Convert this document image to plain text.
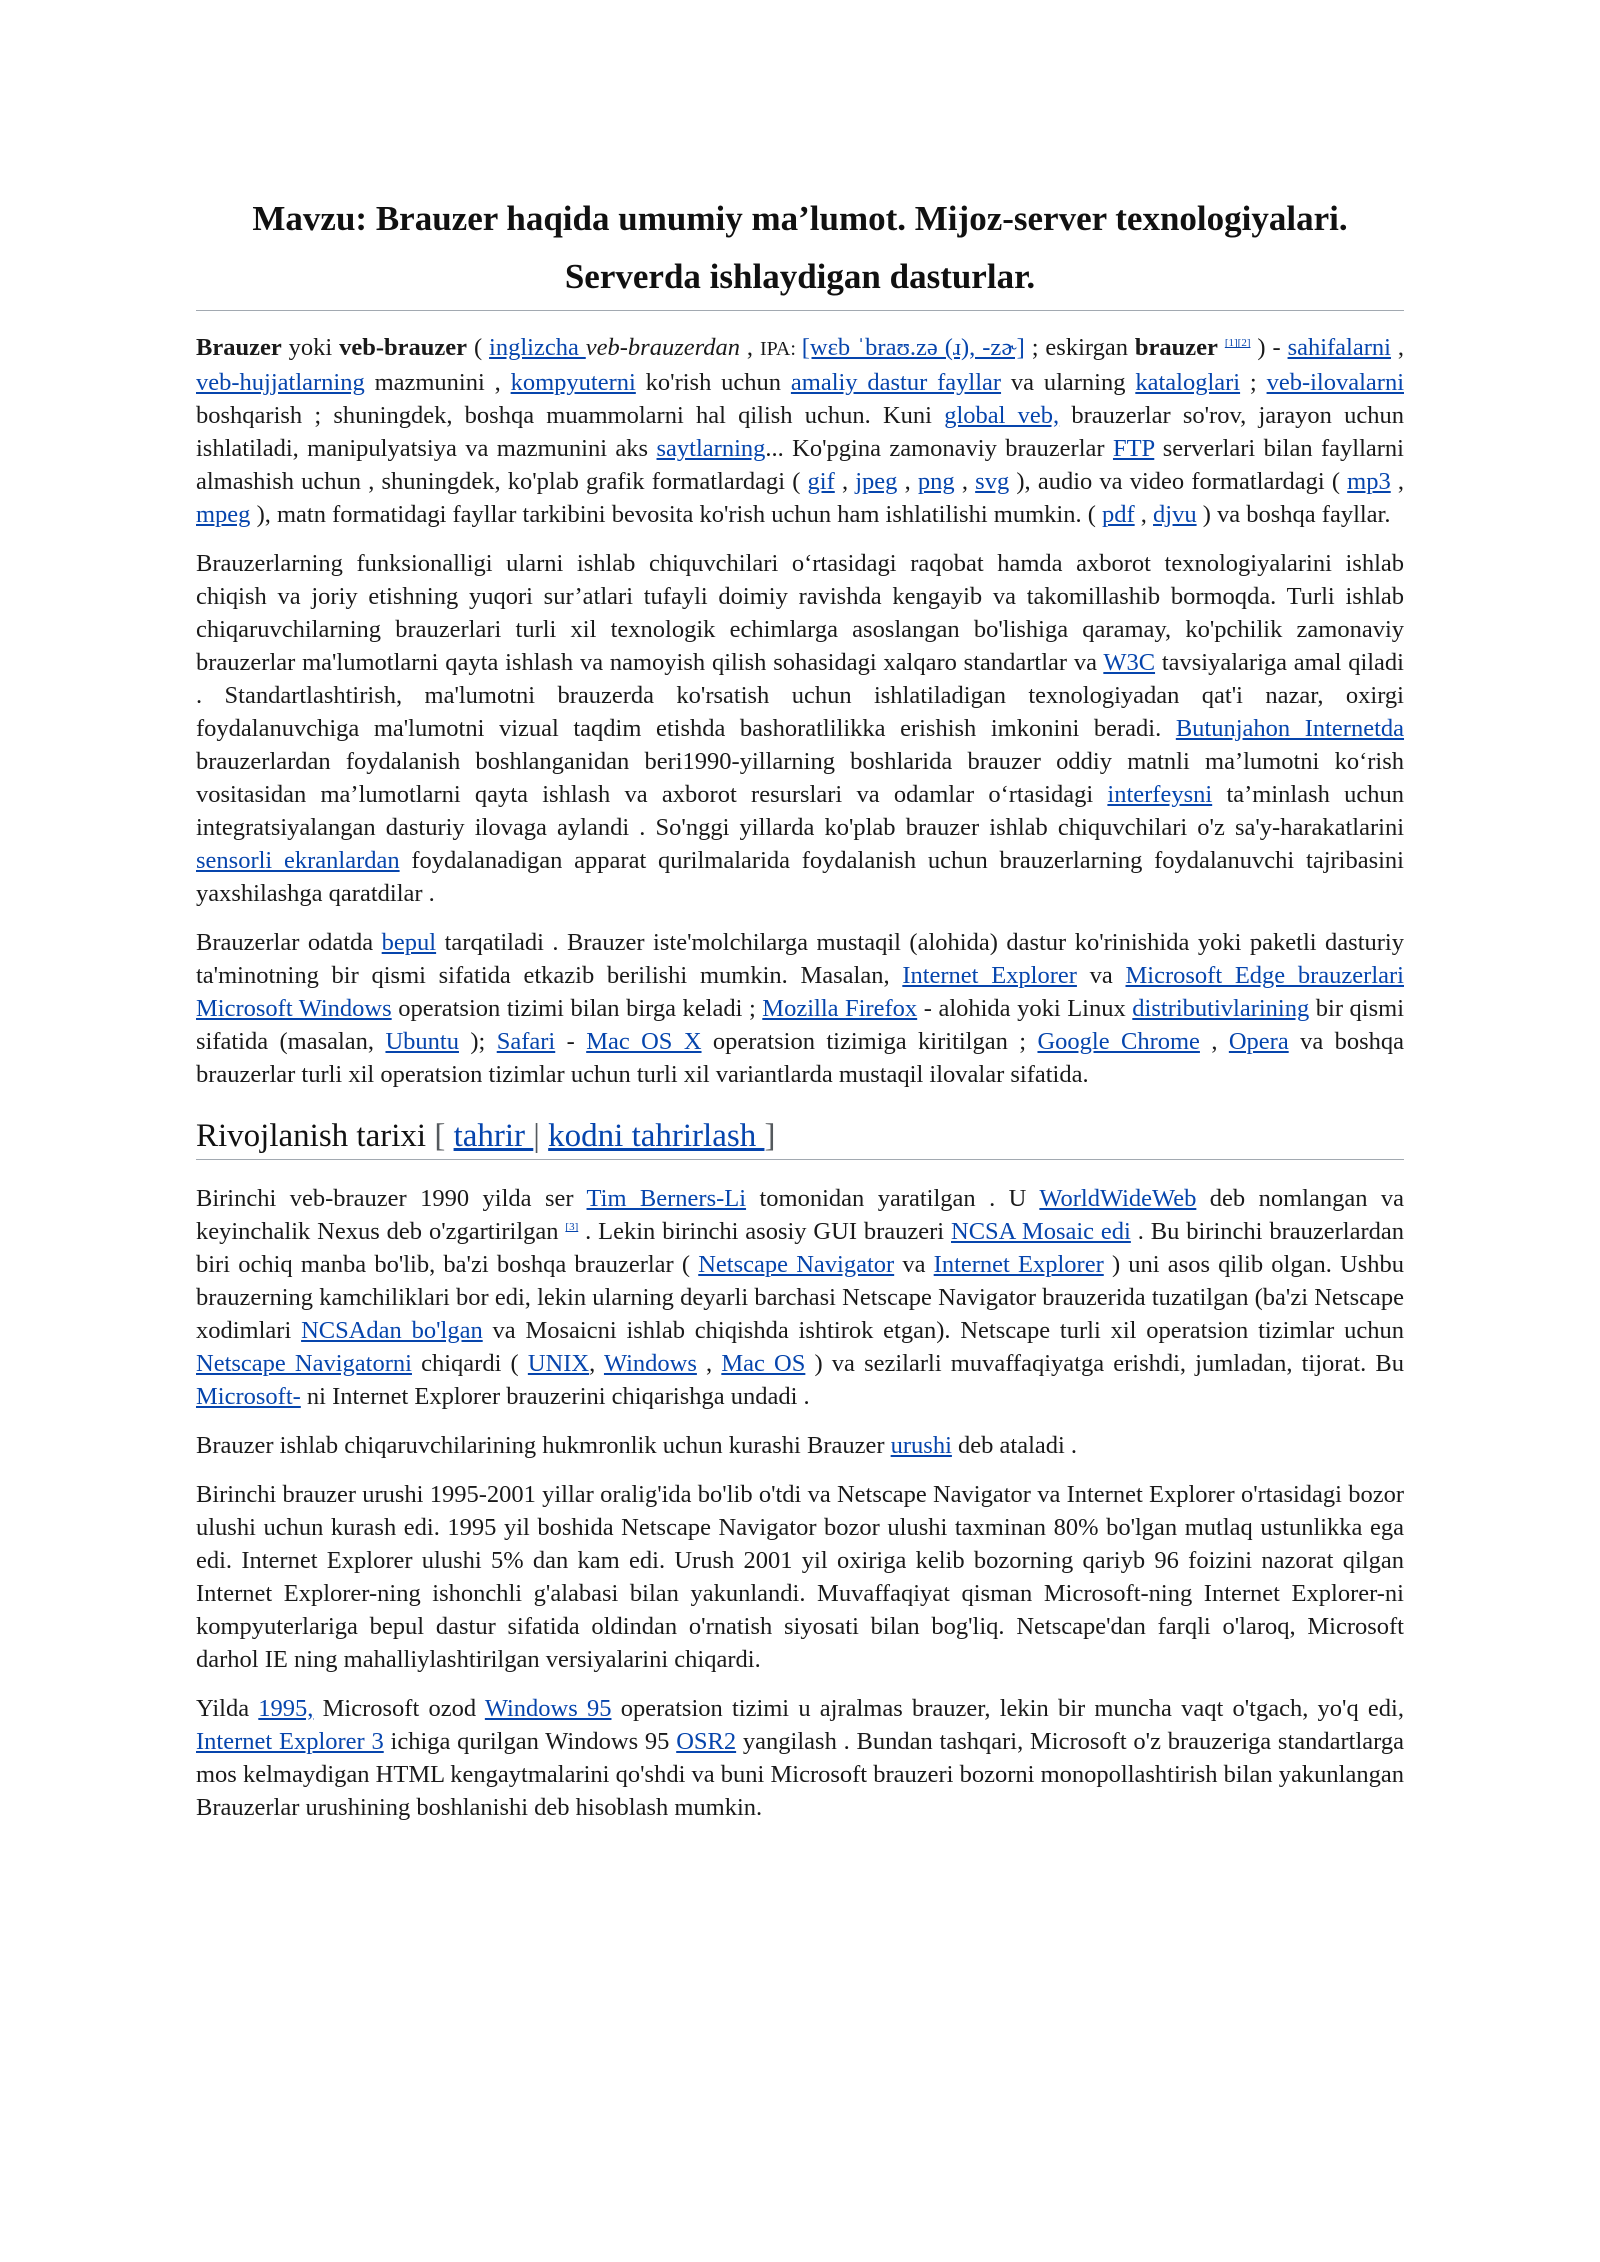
Mavzu: Brauzer haqida umumiy ma’lumot. Mijoz-server texnologiyalari.
Serverda ishlaydigan dasturlar.

Brauzer yoki veb-brauzer ( inglizcha veb-brauzerdan , IPA: [wɛb ˈbraʊ.zə (ɹ), -zɚ] ; eskirgan brauzer [1][2] ) - sahifalarni , veb-hujjatlarning mazmunini , kompyuterni ko'rish uchun amaliy dastur fayllar va ularning kataloglari ; veb-ilovalarni boshqarish ; shuningdek, boshqa muammolarni hal qilish uchun. Kuni global veb, brauzerlar so'rov, jarayon uchun ishlatiladi, manipulyatsiya va mazmunini aks saytlarning... Ko'pgina zamonaviy brauzerlar FTP serverlari bilan fayllarni almashish uchun , shuningdek, ko'plab grafik formatlardagi ( gif , jpeg , png , svg ), audio va video formatlardagi ( mp3 , mpeg ), matn formatidagi fayllar tarkibini bevosita ko'rish uchun ham ishlatilishi mumkin. ( pdf , djvu ) va boshqa fayllar.

Brauzerlarning funksionalligi ularni ishlab chiquvchilari o‘rtasidagi raqobat hamda axborot texnologiyalarini ishlab chiqish va joriy etishning yuqori sur’atlari tufayli doimiy ravishda kengayib va takomillashib bormoqda. Turli ishlab chiqaruvchilarning brauzerlari turli xil texnologik echimlarga asoslangan bo'lishiga qaramay, ko'pchilik zamonaviy brauzerlar ma'lumotlarni qayta ishlash va namoyish qilish sohasidagi xalqaro standartlar va W3C tavsiyalariga amal qiladi . Standartlashtirish, ma'lumotni brauzerda ko'rsatish uchun ishlatiladigan texnologiyadan qat'i nazar, oxirgi foydalanuvchiga ma'lumotni vizual taqdim etishda bashoratlilikka erishish imkonini beradi. Butunjahon Internetda brauzerlardan foydalanish boshlanganidan beri1990-yillarning boshlarida brauzer oddiy matnli ma’lumotni ko‘rish vositasidan ma’lumotlarni qayta ishlash va axborot resurslari va odamlar o‘rtasidagi interfeysni ta’minlash uchun integratsiyalangan dasturiy ilovaga aylandi . So'nggi yillarda ko'plab brauzer ishlab chiquvchilari o'z sa'y-harakatlarini sensorli ekranlardan foydalanadigan apparat qurilmalarida foydalanish uchun brauzerlarning foydalanuvchi tajribasini yaxshilashga qaratdilar .

Brauzerlar odatda bepul tarqatiladi . Brauzer iste'molchilarga mustaqil (alohida) dastur ko'rinishida yoki paketli dasturiy ta'minotning bir qismi sifatida etkazib berilishi mumkin. Masalan, Internet Explorer va Microsoft Edge brauzerlari Microsoft Windows operatsion tizimi bilan birga keladi ; Mozilla Firefox - alohida yoki Linux distributivlarining bir qismi sifatida (masalan, Ubuntu ); Safari - Mac OS X operatsion tizimiga kiritilgan ; Google Chrome , Opera va boshqa brauzerlar turli xil operatsion tizimlar uchun turli xil variantlarda mustaqil ilovalar sifatida.

Rivojlanish tarixi [ tahrir | kodni tahrirlash ]

Birinchi veb-brauzer 1990 yilda ser Tim Berners-Li tomonidan yaratilgan . U WorldWideWeb deb nomlangan va keyinchalik Nexus deb o'zgartirilgan [3] . Lekin birinchi asosiy GUI brauzeri NCSA Mosaic edi . Bu birinchi brauzerlardan biri ochiq manba bo'lib, ba'zi boshqa brauzerlar ( Netscape Navigator va Internet Explorer ) uni asos qilib olgan. Ushbu brauzerning kamchiliklari bor edi, lekin ularning deyarli barchasi Netscape Navigator brauzerida tuzatilgan (ba'zi Netscape xodimlari NCSAdan bo'lgan va Mosaicni ishlab chiqishda ishtirok etgan). Netscape turli xil operatsion tizimlar uchun Netscape Navigatorni chiqardi ( UNIX, Windows , Mac OS ) va sezilarli muvaffaqiyatga erishdi, jumladan, tijorat. Bu Microsoft- ni Internet Explorer brauzerini chiqarishga undadi .

Brauzer ishlab chiqaruvchilarining hukmronlik uchun kurashi Brauzer urushi deb ataladi .

Birinchi brauzer urushi 1995-2001 yillar oralig'ida bo'lib o'tdi va Netscape Navigator va Internet Explorer o'rtasidagi bozor ulushi uchun kurash edi. 1995 yil boshida Netscape Navigator bozor ulushi taxminan 80% bo'lgan mutlaq ustunlikka ega edi. Internet Explorer ulushi 5% dan kam edi. Urush 2001 yil oxiriga kelib bozorning qariyb 96 foizini nazorat qilgan Internet Explorer-ning ishonchli g'alabasi bilan yakunlandi. Muvaffaqiyat qisman Microsoft-ning Internet Explorer-ni kompyuterlariga bepul dastur sifatida oldindan o'rnatish siyosati bilan bog'liq. Netscape'dan farqli o'laroq, Microsoft darhol IE ning mahalliylashtirilgan versiyalarini chiqardi.

Yilda 1995, Microsoft ozod Windows 95 operatsion tizimi u ajralmas brauzer, lekin bir muncha vaqt o'tgach, yo'q edi, Internet Explorer 3 ichiga qurilgan Windows 95 OSR2 yangilash . Bundan tashqari, Microsoft o'z brauzeriga standartlarga mos kelmaydigan HTML kengaytmalarini qo'shdi va buni Microsoft brauzeri bozorni monopollashtirish bilan yakunlangan Brauzerlar urushining boshlanishi deb hisoblash mumkin.
